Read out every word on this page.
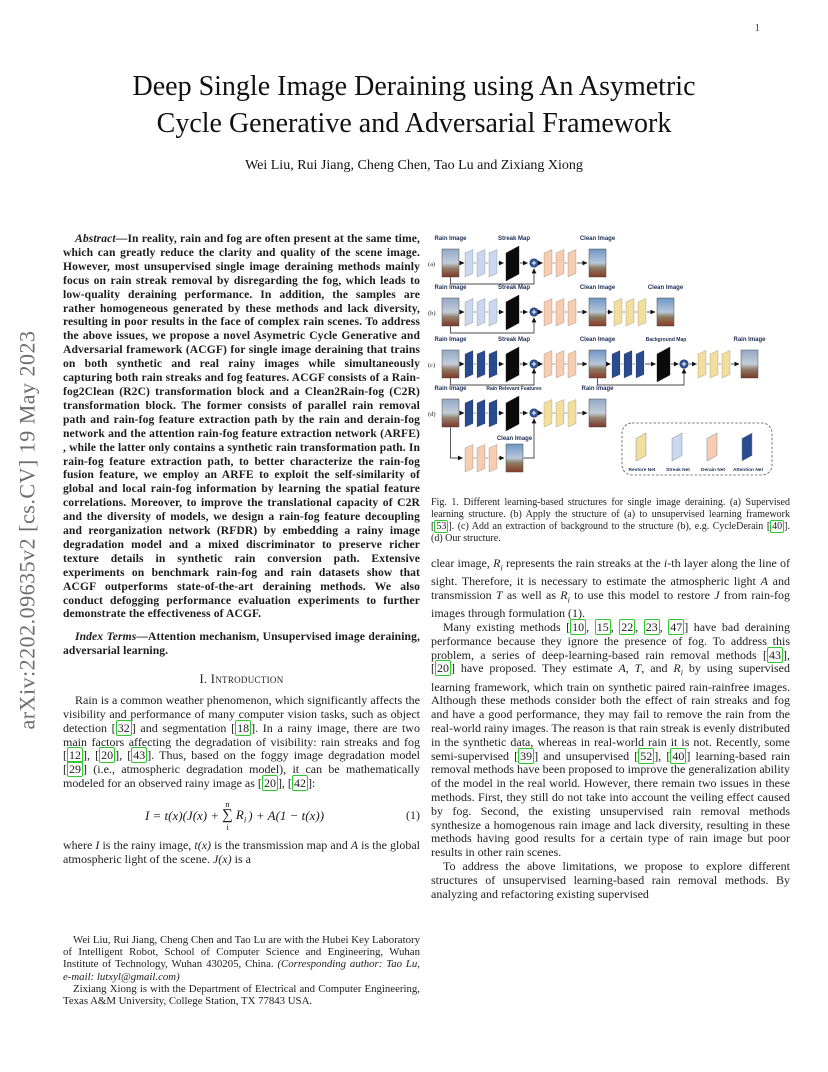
1
arXiv:2202.09635v2 [cs.CV] 19 May 2023
Deep Single Image Deraining using An Asymetric
Cycle Generative and Adversarial Framework
Wei Liu, Rui Jiang, Cheng Chen, Tao Lu and Zixiang Xiong

Abstract—In reality, rain and fog are often present at the same time, which can greatly reduce the clarity and quality of the scene image. However, most unsupervised single image deraining methods mainly focus on rain streak removal by disregarding the fog, which leads to low-quality deraining performance. In addition, the samples are rather homogeneous generated by these methods and lack diversity, resulting in poor results in the face of complex rain scenes. To address the above issues, we propose a novel Asymetric Cycle Generative and Adversarial framework (ACGF) for single image deraining that trains on both synthetic and real rainy images while simultaneously capturing both rain streaks and fog features. ACGF consists of a Rain-fog2Clean (R2C) transformation block and a Clean2Rain-fog (C2R) transformation block. The former consists of parallel rain removal path and rain-fog feature extraction path by the rain and derain-fog network and the attention rain-fog feature extraction network (ARFE) , while the latter only contains a synthetic rain transformation path. In rain-fog feature extraction path, to better characterize the rain-fog fusion feature, we employ an ARFE to exploit the self-similarity of global and local rain-fog information by learning the spatial feature correlations. Moreover, to improve the translational capacity of C2R and the diversity of models, we design a rain-fog feature decoupling and reorganization network (RFDR) by embedding a rainy image degradation model and a mixed discriminator to preserve richer texture details in synthetic rain conversion path. Extensive experiments on benchmark rain-fog and rain datasets show that ACGF outperforms state-of-the-art deraining methods. We also conduct defogging performance evaluation experiments to further demonstrate the effectiveness of ACGF.

Index Terms—Attention mechanism, Unsupervised image deraining, adversarial learning.

I. Introduction

Rain is a common weather phenomenon, which significantly affects the visibility and performance of many computer vision tasks, such as object detection [ 32 ] and segmentation [ 18 ]. In a rainy image, there are two main factors affecting the degradation of visibility: rain streaks and fog [ 12 ], [ 20 ], [ 43 ]. Thus, based on the foggy image degradation model [ 29 ] (i.e., atmospheric degradation model), it can be mathematically modeled for an observed rainy image as [ 20 ], [ 42 ]:

I = t(x)(J(x) +
n
∑
i
$R_i$ ) + A(1 − t(x))	(1)

where I is the rainy image, t(x) is the transmission map and A is the global atmospheric light of the scene. J(x) is a

Wei Liu, Rui Jiang, Cheng Chen and Tao Lu are with the Hubei Key Laboratory of Intelligent Robot, School of Computer Science and Engineering, Wuhan Institute of Technology, Wuhan 430205, China. (Corresponding author: Tao Lu, e-mail: lutxyl@gmail.com)

Zixiang Xiong is with the Department of Electrical and Computer Engineering, Texas A&M University, College Station, TX 77843 USA.

Rain Image	Streak Map	Clean Image
(a)
Rain Image	Streak Map	Clean Image	Clean Image
(b)
Rain Image	Streak Map	Clean Image	Background Map	Rain Image
(c)
Rain Image	Rain Relevant Features	Rain Image
Clean Image
(d)
Restore Net Streak Net Derain Net Attention Net
Fig. 1. Different learning-based structures for single image deraining. (a) Supervised learning structure. (b) Apply the structure of (a) to unsupervised learning framework [ 53 ]. (c) Add an extraction of background to the structure (b), e.g. CycleDerain [ 40 ]. (d) Our structure.

clear image, $R_i$ represents the rain streaks at the i-th layer along the line of sight. Therefore, it is necessary to estimate the atmospheric light A and transmission T as well as $R_i$ to use this model to restore J from rain-fog images through formulation (1).

Many existing methods [ 10 , 15 , 22 , 23 , 47 ] have bad deraining performance because they ignore the presence of fog. To address this problem, a series of deep-learning-based rain removal methods [ 43 ], [ 20 ] have proposed. They estimate A, T, and $R_i$ by using supervised learning framework, which train on synthetic paired rain-rainfree images. Although these methods consider both the effect of rain streaks and fog and have a good performance, they may fail to remove the rain from the real-world rainy images. The reason is that rain streak is evenly distributed in the synthetic data, whereas in real-world rain it is not. Recently, some semi-supervised [ 39 ] and unsupervised [ 52 ], [ 40 ] learning-based rain removal methods have been proposed to improve the generalization ability of the model in the real world. However, there remain two issues in these methods. First, they still do not take into account the veiling effect caused by fog. Second, the existing unsupervised rain removal methods synthesize a homogenous rain image and lack diversity, resulting in these methods having good results for a certain type of rain image but poor results in other rain scenes.

To address the above limitations, we propose to explore different structures of unsupervised learning-based rain removal methods. By analyzing and refactoring existing supervised
